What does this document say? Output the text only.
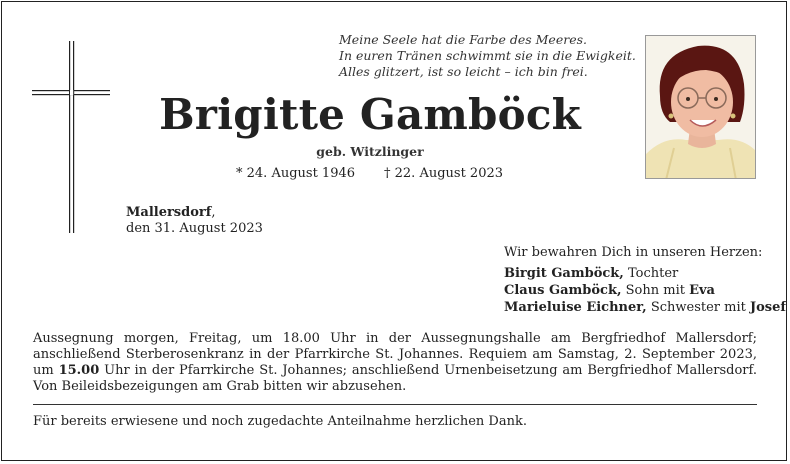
Meine Seele hat die Farbe des Meeres.
In euren Tränen schwimmt sie in die Ewigkeit.
Alles glitzert, ist so leicht – ich bin frei.
Brigitte Gamböck
geb. Witzlinger
* 24. August 1946 † 22. August 2023
Mallersdorf,
den 31. August 2023
Wir bewahren Dich in unseren Herzen:
Birgit Gamböck, Tochter
Claus Gamböck, Sohn mit Eva
Marieluise Eichner, Schwester mit Josef
Aussegnung morgen, Freitag, um 18.00 Uhr in der Aussegnungshalle am Bergfriedhof Mallersdorf; anschließend Sterberosenkranz in der Pfarrkirche St. Johannes. Requiem am Samstag, 2. September 2023, um 15.00 Uhr in der Pfarrkirche St. Johannes; anschließend Urnenbeisetzung am Bergfriedhof Mallersdorf. Von Beileidsbezeigungen am Grab bitten wir abzusehen.
Für bereits erwiesene und noch zugedachte Anteilnahme herzlichen Dank.
